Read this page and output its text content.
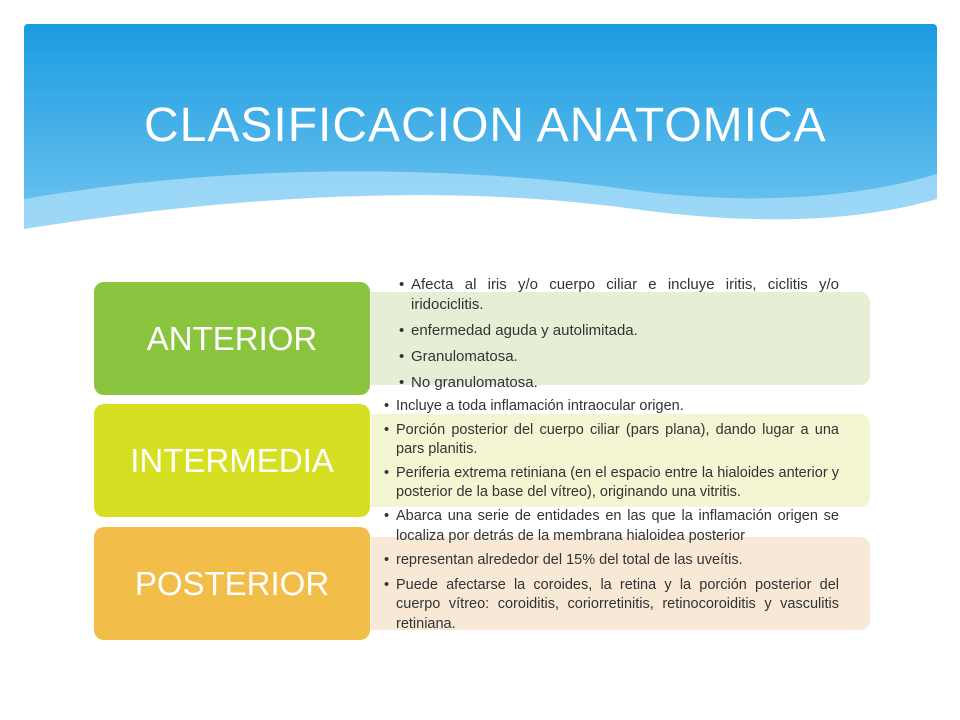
CLASIFICACION ANATOMICA
ANTERIOR
• Afecta al iris y/o cuerpo ciliar e incluye iritis, ciclitis y/o iridociclitis.
• enfermedad aguda y autolimitada.
• Granulomatosa.
• No granulomatosa.
INTERMEDIA
• Incluye a toda inflamación intraocular origen.
• Porción posterior del cuerpo ciliar (pars plana), dando lugar a una pars planitis.
• Periferia extrema retiniana (en el espacio entre la hialoides anterior y posterior de la base del vítreo), originando una vitritis.
POSTERIOR
• Abarca una serie de entidades en las que la inflamación origen se localiza por detrás de la membrana hialoidea posterior
• representan alrededor del 15% del total de las uveítis.
• Puede afectarse la coroides, la retina y la porción posterior del cuerpo vítreo: coroiditis, coriorretinitis, retinocoroiditis y vasculitis retiniana.
